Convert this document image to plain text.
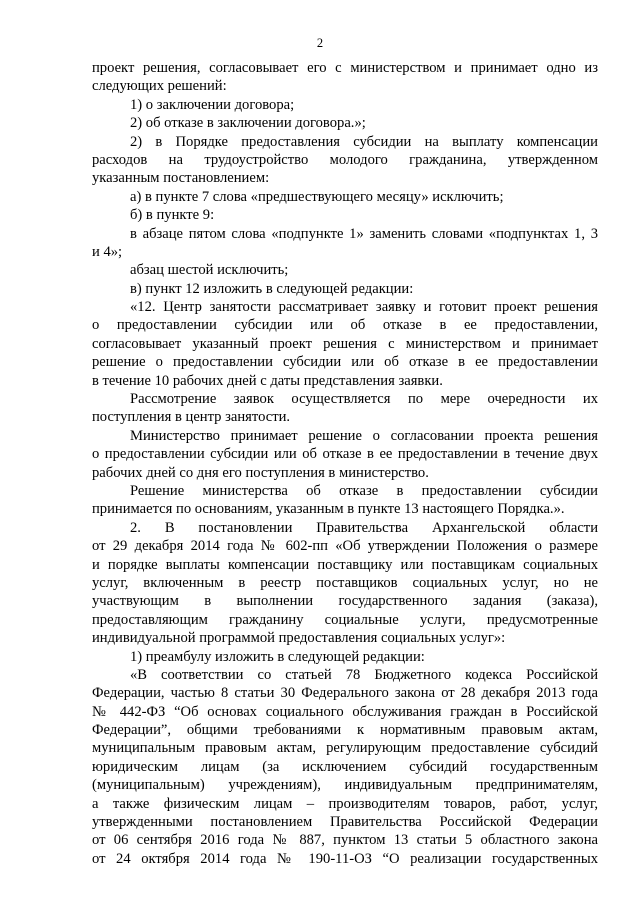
2
проект решения, согласовывает его с министерством и принимает одно из
следующих решений:
1) о заключении договора;
2) об отказе в заключении договора.»;
2) в Порядке предоставления субсидии на выплату компенсации
расходов на трудоустройство молодого гражданина, утвержденном
указанным постановлением:
а) в пункте 7 слова «предшествующего месяцу» исключить;
б) в пункте 9:
в абзаце пятом слова «подпункте 1» заменить словами «подпунктах 1, 3
и 4»;
абзац шестой исключить;
в) пункт 12 изложить в следующей редакции:
«12. Центр занятости рассматривает заявку и готовит проект решения
о предоставлении субсидии или об отказе в ее предоставлении,
согласовывает указанный проект решения с министерством и принимает
решение о предоставлении субсидии или об отказе в ее предоставлении
в течение 10 рабочих дней с даты представления заявки.
Рассмотрение заявок осуществляется по мере очередности их
поступления в центр занятости.
Министерство принимает решение о согласовании проекта решения
о предоставлении субсидии или об отказе в ее предоставлении в течение двух
рабочих дней со дня его поступления в министерство.
Решение министерства об отказе в предоставлении субсидии
принимается по основаниям, указанным в пункте 13 настоящего Порядка.».
2. В постановлении Правительства Архангельской области
от 29 декабря 2014 года № 602-пп «Об утверждении Положения о размере
и порядке выплаты компенсации поставщику или поставщикам социальных
услуг, включенным в реестр поставщиков социальных услуг, но не
участвующим в выполнении государственного задания (заказа),
предоставляющим гражданину социальные услуги, предусмотренные
индивидуальной программой предоставления социальных услуг»:
1) преамбулу изложить в следующей редакции:
«В соответствии со статьей 78 Бюджетного кодекса Российской
Федерации, частью 8 статьи 30 Федерального закона от 28 декабря 2013 года
№ 442-ФЗ “Об основах социального обслуживания граждан в Российской
Федерации”, общими требованиями к нормативным правовым актам,
муниципальным правовым актам, регулирующим предоставление субсидий
юридическим лицам (за исключением субсидий государственным
(муниципальным) учреждениям), индивидуальным предпринимателям,
а также физическим лицам – производителям товаров, работ, услуг,
утвержденными постановлением Правительства Российской Федерации
от 06 сентября 2016 года № 887, пунктом 13 статьи 5 областного закона
от 24 октября 2014 года № 190-11-ОЗ “О реализации государственных
